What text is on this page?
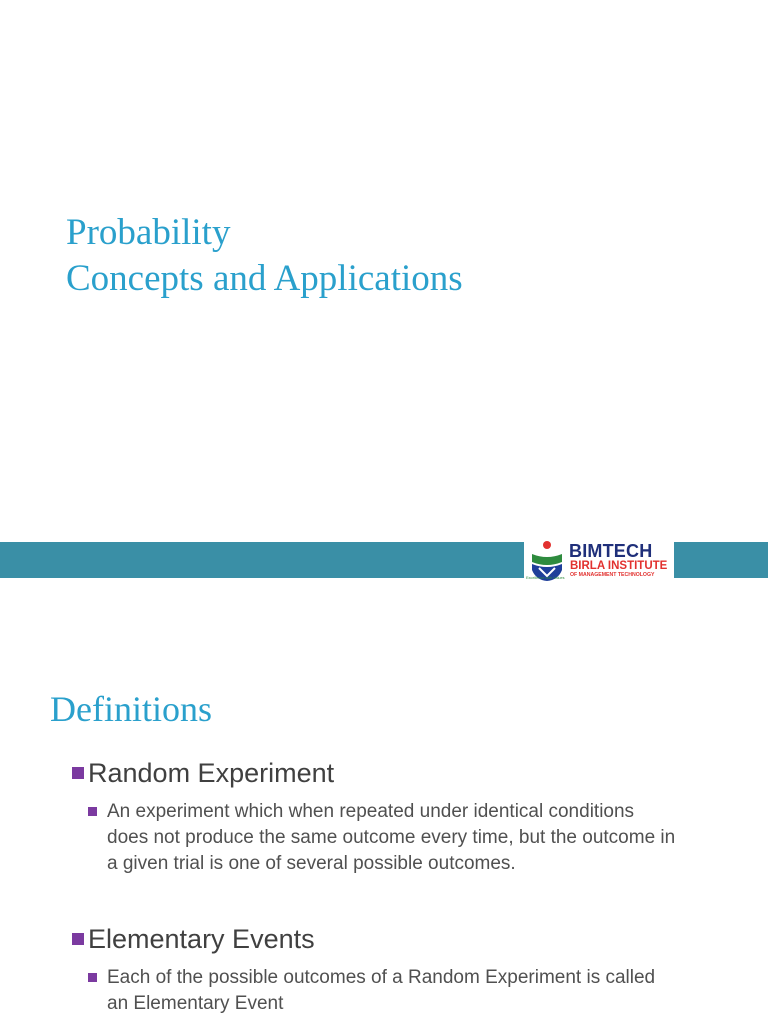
Probability
Concepts and Applications
BIMTECH
BIRLA INSTITUTE
OF MANAGEMENT TECHNOLOGY
Excellence with Values
Definitions
Random Experiment
An experiment which when repeated under identical conditions does not produce the same outcome every time, but the outcome in a given trial is one of several possible outcomes.
Elementary Events
Each of the possible outcomes of a Random Experiment is called an Elementary Event
